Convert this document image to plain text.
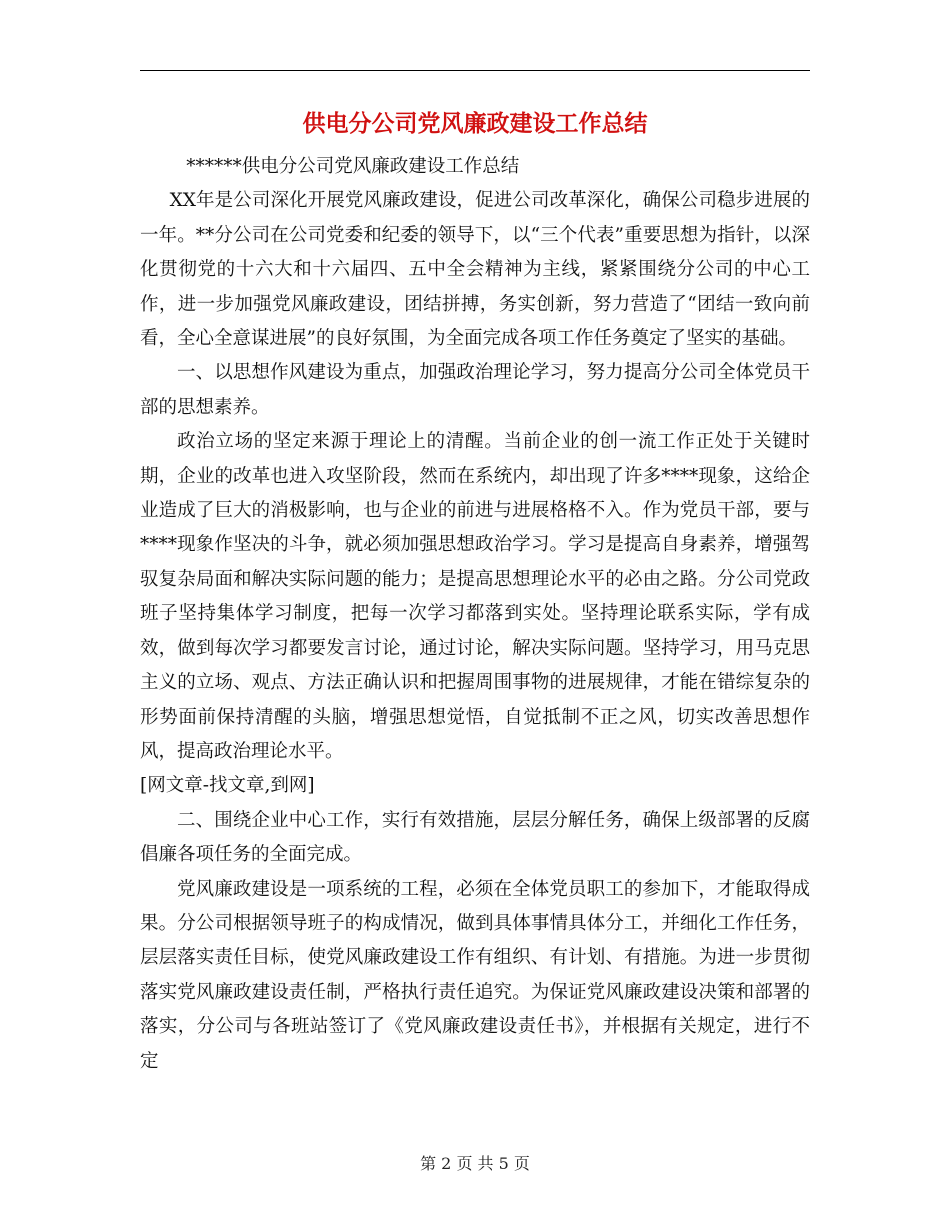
供电分公司党风廉政建设工作总结

******供电分公司党风廉政建设工作总结

XX年是公司深化开展党风廉政建设，促进公司改革深化，确保公司稳步进展的一年。**分公司在公司党委和纪委的领导下，以“三个代表”重要思想为指针，以深化贯彻党的十六大和十六届四、五中全会精神为主线，紧紧围绕分公司的中心工作，进一步加强党风廉政建设，团结拼搏，务实创新，努力营造了“团结一致向前看，全心全意谋进展”的良好氛围，为全面完成各项工作任务奠定了坚实的基础。

一、以思想作风建设为重点，加强政治理论学习，努力提高分公司全体党员干部的思想素养。

政治立场的坚定来源于理论上的清醒。当前企业的创一流工作正处于关键时期，企业的改革也进入攻坚阶段，然而在系统内，却出现了许多****现象，这给企业造成了巨大的消极影响，也与企业的前进与进展格格不入。作为党员干部，要与****现象作坚决的斗争，就必须加强思想政治学习。学习是提高自身素养，增强驾驭复杂局面和解决实际问题的能力；是提高思想理论水平的必由之路。分公司党政班子坚持集体学习制度，把每一次学习都落到实处。坚持理论联系实际，学有成效，做到每次学习都要发言讨论，通过讨论，解决实际问题。坚持学习，用马克思主义的立场、观点、方法正确认识和把握周围事物的进展规律，才能在错综复杂的形势面前保持清醒的头脑，增强思想觉悟，自觉抵制不正之风，切实改善思想作风，提高政治理论水平。

[网文章-找文章,到网]

二、围绕企业中心工作，实行有效措施，层层分解任务，确保上级部署的反腐倡廉各项任务的全面完成。

党风廉政建设是一项系统的工程，必须在全体党员职工的参加下，才能取得成果。分公司根据领导班子的构成情况，做到具体事情具体分工，并细化工作任务，层层落实责任目标，使党风廉政建设工作有组织、有计划、有措施。为进一步贯彻落实党风廉政建设责任制，严格执行责任追究。为保证党风廉政建设决策和部署的落实，分公司与各班站签订了《党风廉政建设责任书》，并根据有关规定，进行不定

第 2 页 共 5 页
